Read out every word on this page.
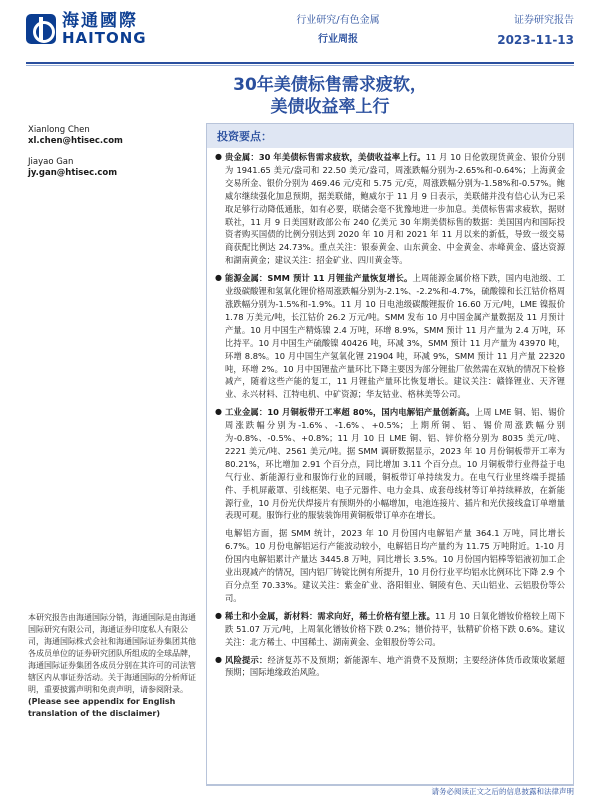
海通國際
HAITONG
行业研究/有色金属
行业周报
证券研究报告
2023-11-13
30年美债标售需求疲软，
美债收益率上行
Xianlong Chen
xl.chen@htisec.com
Jiayao Gan
jy.gan@htisec.com
投资要点：
● 贵金属：30 年美债标售需求疲软，美债收益率上行。11 月 10 日伦敦现货黄金、银价分别为 1941.65 美元/盎司和 22.50 美元/盎司，周涨跌幅分别为-2.65%和-0.64%；上海黄金交易所金、银价分别为 469.46 元/克和 5.75 元/克，周涨跌幅分别为-1.58%和-0.57%。鲍威尔继续强化加息预期，据美联储，鲍威尔于 11 月 9 日表示，美联储并没有信心认为已采取足够行动降低通胀，如有必要，联储会毫不犹豫地进一步加息。美债标售需求疲软，据财联社，11 月 9 日美国财政部公布 240 亿美元 30 年期美债标售的数据：美国国内和国际投资者购买国债的比例分别达到 2020 年 10 月和 2021 年 11 月以来的新低，导致一级交易商获配比例达 24.73%。重点关注：银泰黄金、山东黄金、中金黄金、赤峰黄金、盛达资源和湖南黄金；建议关注：招金矿业、四川黄金等。
● 能源金属：SMM 预计 11 月锂盐产量恢复增长。上周能源金属价格下跌，国内电池级、工业级碳酸锂和氢氧化锂价格周涨跌幅分别为-2.1%、-2.2%和-4.7%，硫酸镍和长江钴价格周涨跌幅分别为-1.5%和-1.9%。11 月 10 日电池级碳酸锂报价 16.60 万元/吨，LME 镍报价 1.78 万美元/吨，长江钴价 26.2 万元/吨。SMM 发布 10 月中国金属产量数据及 11 月预计产量。10 月中国生产精炼镍 2.4 万吨，环增 8.9%，SMM 预计 11 月产量为 2.4 万吨，环比持平。10 月中国生产硫酸镍 40426 吨，环减 3%，SMM 预计 11 月产量为 43970 吨，环增 8.8%。10 月中国生产氢氧化锂 21904 吨，环减 9%，SMM 预计 11 月产量 22320 吨，环增 2%。10 月中国锂盐产量环比下降主要因为部分锂盐厂依然需在双轨的情况下检修减产，随着这些产能的复工，11 月锂盐产量环比恢复增长。建议关注：赣锋锂业、天齐锂业、永兴材料、江特电机、中矿资源；华友钴业、格林美等公司。
● 工业金属：10 月铜板带开工率超 80%，国内电解铝产量创新高。上周 LME 铜、铝、锡价周涨跌幅分别为-1.6%、-1.6%、+0.5%；上期所铜、铝、锡价周涨跌幅分别为-0.8%、-0.5%、+0.8%；11 月 10 日 LME 铜、铝、锌价格分别为 8035 美元/吨、2221 美元/吨、2561 美元/吨。据 SMM 调研数据显示，2023 年 10 月份铜板带开工率为 80.21%，环比增加 2.91 个百分点，同比增加 3.11 个百分点。10 月铜板带行业得益于电气行业、新能源行业和服饰行业的回暖，铜板带订单持续发力。在电气行业里终端手提插件、手机屏蔽罩、引线框架、电子元器件、电力金具、成套母线材等订单持续释放，在新能源行业，10 月份光伏焊接片有预期外的小幅增加，电池连接片、插片和光伏接线盒订单增量表现可观。服饰行业的服装装饰用黄铜板带订单亦在增长。
电解铝方面，据 SMM 统计，2023 年 10 月份国内电解铝产量 364.1 万吨，同比增长 6.7%。10 月份电解铝运行产能波动较小，电解铝日均产量约为 11.75 万吨附近。1-10 月份国内电解铝累计产量达 3445.8 万吨，同比增长 3.5%。10 月份国内铝棒等铝液初加工企业出现减产的情况，国内铝厂铸锭比例有所提升，10 月份行业平均铝水比例环比下降 2.9 个百分点至 70.33%。建议关注：紫金矿业、洛阳钼业、铜陵有色、天山铝业、云铝股份等公司。
● 稀土和小金属，新材料：需求向好，稀土价格有望上涨。11 月 10 日氧化镨钕价格较上周下跌 51.07 万元/吨，上周氧化镨钕价格下跌 0.2%；镨价持平，钛精矿价格下跌 0.6%。建议关注：北方稀土、中国稀土、湖南黄金、金钼股份等公司。
● 风险提示：经济复苏不及预期；新能源车、地产消费不及预期；主要经济体货币政策收紧超预期；国际地缘政治风险。
本研究报告由海通国际分销，海通国际是由海通国际研究有限公司，海通证券印度私人有限公司，海通国际株式会社和海通国际证券集团其他各成员单位的证券研究团队所组成的全球品牌，海通国际证券集团各成员分别在其许可的司法管辖区内从事证券活动。关于海通国际的分析师证明，重要披露声明和免责声明，请参阅附录。 (Please see appendix for English translation of the disclaimer)
请务必阅读正文之后的信息披露和法律声明
